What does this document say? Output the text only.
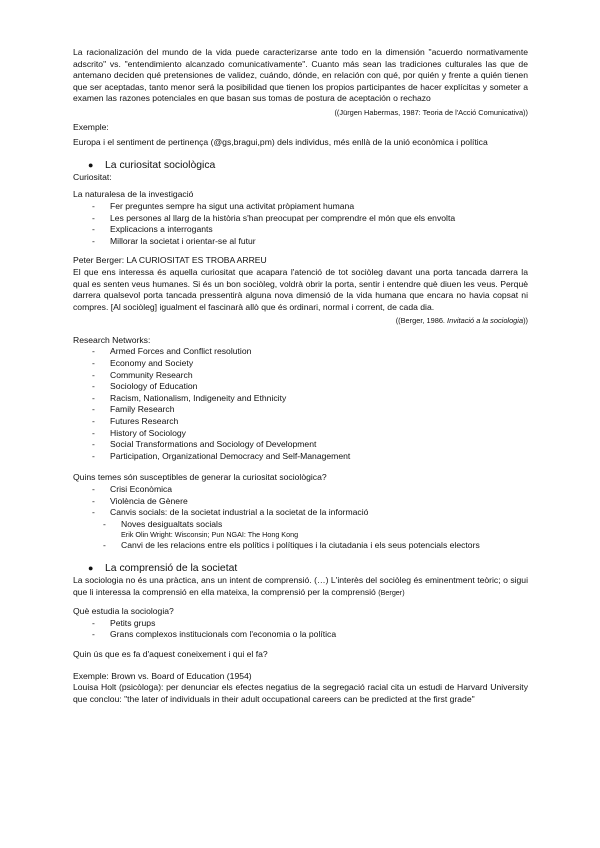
La racionalización del mundo de la vida puede caracterizarse ante todo en la dimensión "acuerdo normativamente adscrito" vs. "entendimiento alcanzado comunicativamente". Cuanto más sean las tradiciones culturales las que de antemano deciden qué pretensiones de validez, cuándo, dónde, en relación con qué, por quién y frente a quién tienen que ser aceptadas, tanto menor será la posibilidad que tienen los propios participantes de hacer explícitas y someter a examen las razones potenciales en que basan sus tomas de postura de aceptación o rechazo

((Jürgen Habermas, 1987: Teoria de l'Acció Comunicativa))

Exemple:

Europa i el sentiment de pertinença (@gs,bragui,pm) dels individus, més enllà de la unió econòmica i política

● La curiositat sociològica

Curiositat:

La naturalesa de la investigació

- Fer preguntes sempre ha sigut una activitat pròpiament humana
- Les persones al llarg de la història s'han preocupat per comprendre el món que els envolta
- Explicacions a interrogants
- Millorar la societat i orientar-se al futur

Peter Berger: LA CURIOSITAT ES TROBA ARREU

El que ens interessa és aquella curiositat que acapara l'atenció de tot sociòleg davant una porta tancada darrera la qual es senten veus humanes. Si és un bon sociòleg, voldrà obrir la porta, sentir i entendre què diuen les veus. Perquè darrera qualsevol porta tancada pressentirà alguna nova dimensió de la vida humana que encara no havia copsat ni compres. [Al sociòleg] igualment el fascinarà allò que és ordinari, normal i corrent, de cada dia.

((Berger, 1986. Invitació a la sociologia))

Research Networks:

- Armed Forces and Conflict resolution
- Economy and Society
- Community Research
- Sociology of Education
- Racism, Nationalism, Indigeneity and Ethnicity
- Family Research
- Futures Research
- History of Sociology
- Social Transformations and Sociology of Development
- Participation, Organizational Democracy and Self-Management

Quins temes són susceptibles de generar la curiositat sociològica?

- Crisi Econòmica
- Violència de Gènere
- Canvis socials: de la societat industrial a la societat de la informació
- Noves desigualtats socials
Erik Olin Wright: Wisconsin; Pun NGAI: The Hong Kong
- Canvi de les relacions entre els polítics i polítiques i la ciutadania i els seus potencials electors
● La comprensió de la societat

La sociologia no és una pràctica, ans un intent de comprensió. (…) L'interès del sociòleg és eminentment teòric; o sigui que li interessa la comprensió en ella mateixa, la comprensió per la comprensió (Berger)

Què estudia la sociologia?

- Petits grups
- Grans complexos institucionals com l'economia o la política

Quin ús que es fa d'aquest coneixement i qui el fa?

Exemple: Brown vs. Board of Education (1954)

Louisa Holt (psicòloga): per denunciar els efectes negatius de la segregació racial cita un estudi de Harvard University que conclou: "the later of individuals in their adult occupational careers can be predicted at the first grade"
